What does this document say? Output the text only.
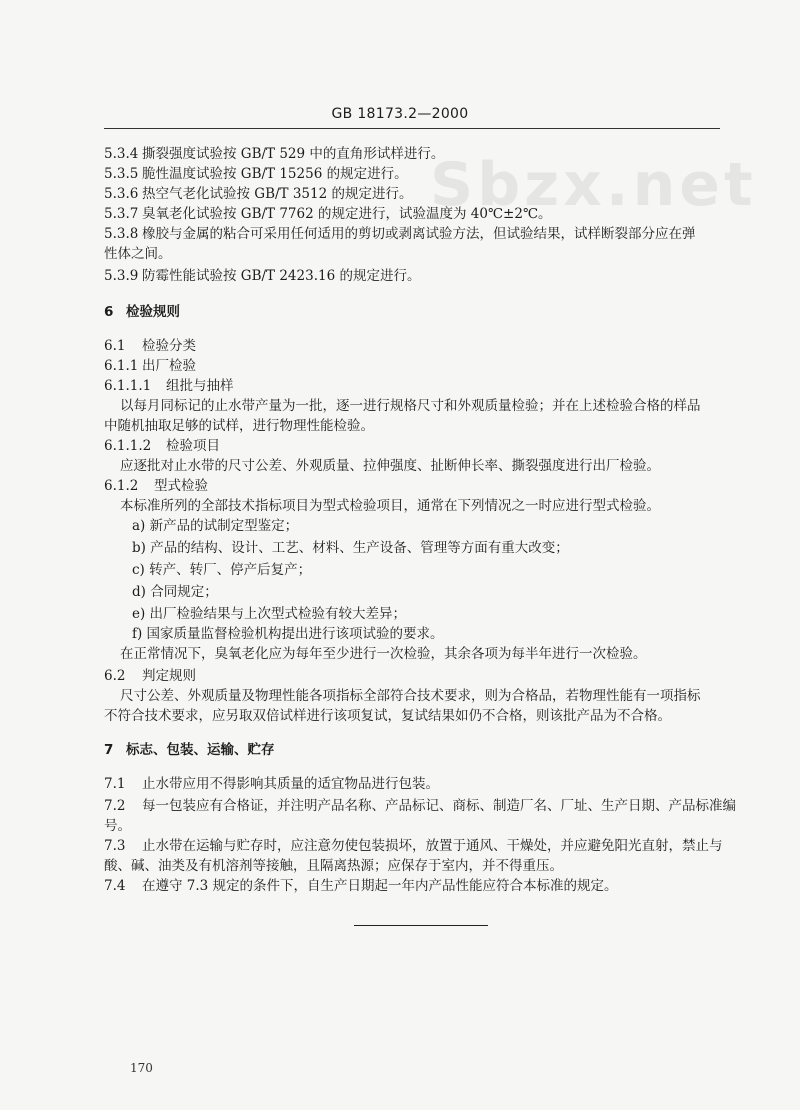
GB 18173.2—2000
Sbzx.net
5.3.4 撕裂强度试验按 GB/T 529 中的直角形试样进行。
5.3.5 脆性温度试验按 GB/T 15256 的规定进行。
5.3.6 热空气老化试验按 GB/T 3512 的规定进行。
5.3.7 臭氧老化试验按 GB/T 7762 的规定进行，试验温度为 40℃±2℃。
5.3.8 橡胶与金属的粘合可采用任何适用的剪切或剥离试验方法，但试验结果，试样断裂部分应在弹
性体之间。
5.3.9 防霉性能试验按 GB/T 2423.16 的规定进行。
6 检验规则
6.1 检验分类
6.1.1 出厂检验
6.1.1.1 组批与抽样
以每月同标记的止水带产量为一批，逐一进行规格尺寸和外观质量检验；并在上述检验合格的样品
中随机抽取足够的试样，进行物理性能检验。
6.1.1.2 检验项目
应逐批对止水带的尺寸公差、外观质量、拉伸强度、扯断伸长率、撕裂强度进行出厂检验。
6.1.2 型式检验
本标准所列的全部技术指标项目为型式检验项目，通常在下列情况之一时应进行型式检验。
a) 新产品的试制定型鉴定；
b) 产品的结构、设计、工艺、材料、生产设备、管理等方面有重大改变；
c) 转产、转厂、停产后复产；
d) 合同规定；
e) 出厂检验结果与上次型式检验有较大差异；
f) 国家质量监督检验机构提出进行该项试验的要求。
在正常情况下，臭氧老化应为每年至少进行一次检验，其余各项为每半年进行一次检验。
6.2 判定规则
尺寸公差、外观质量及物理性能各项指标全部符合技术要求，则为合格品，若物理性能有一项指标
不符合技术要求，应另取双倍试样进行该项复试，复试结果如仍不合格，则该批产品为不合格。
7 标志、包装、运输、贮存
7.1 止水带应用不得影响其质量的适宜物品进行包装。
7.2 每一包装应有合格证，并注明产品名称、产品标记、商标、制造厂名、厂址、生产日期、产品标准编
号。
7.3 止水带在运输与贮存时，应注意勿使包装损坏，放置于通风、干燥处，并应避免阳光直射，禁止与
酸、碱、油类及有机溶剂等接触，且隔离热源；应保存于室内，并不得重压。
7.4 在遵守 7.3 规定的条件下，自生产日期起一年内产品性能应符合本标准的规定。
170
